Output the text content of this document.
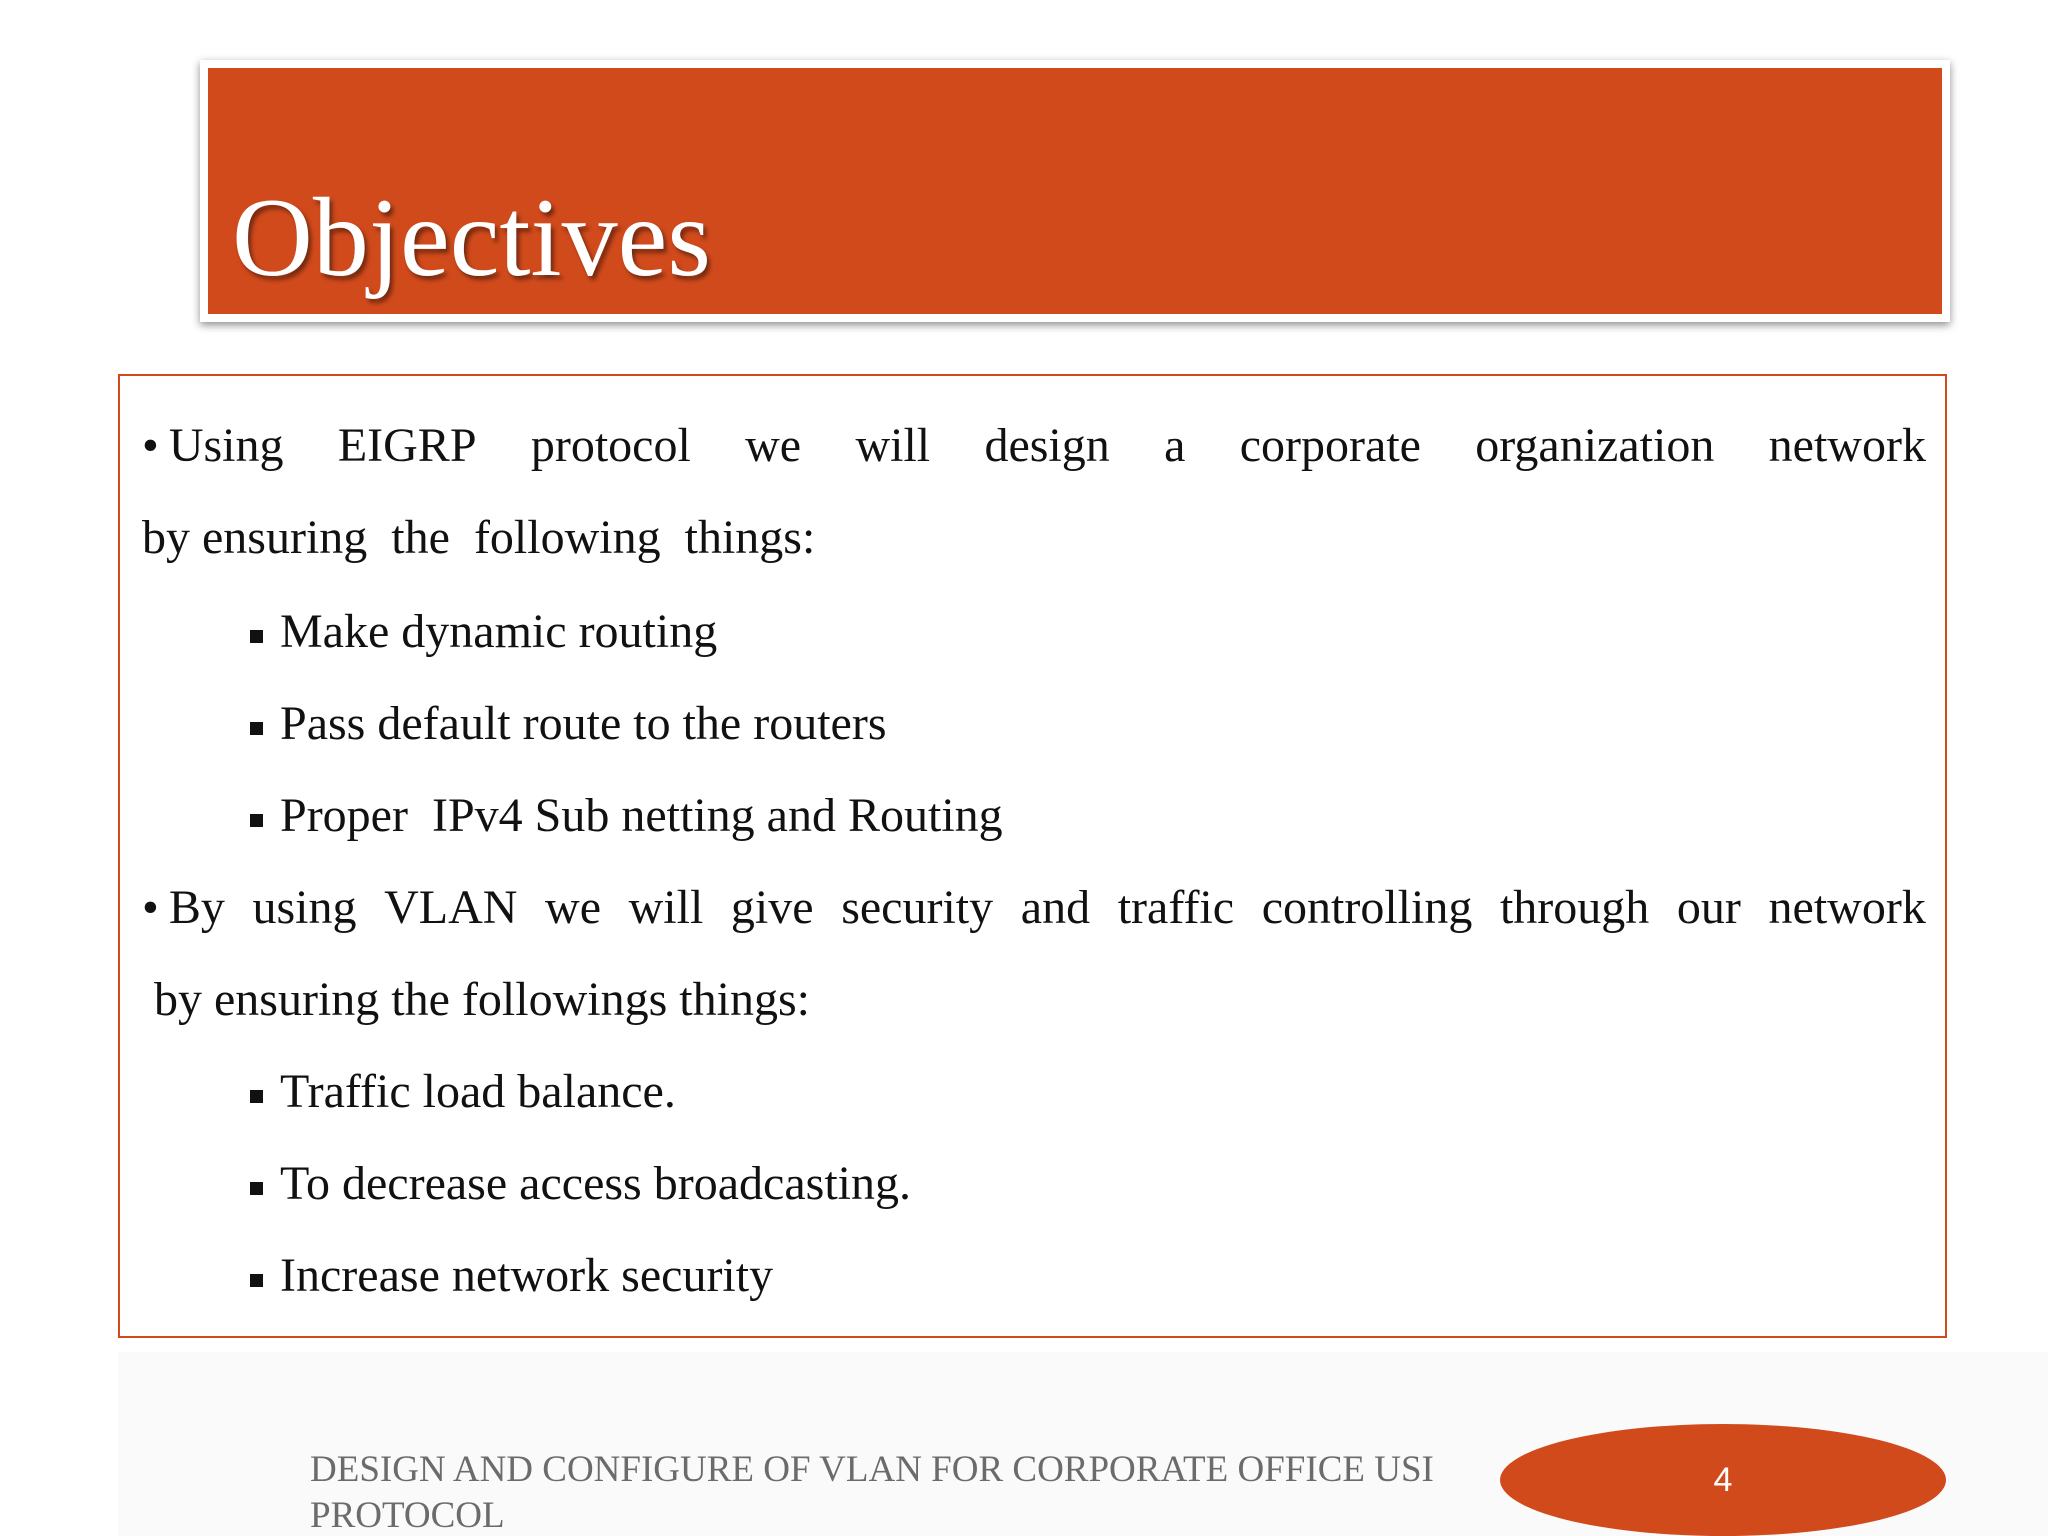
Objectives
• Using EIGRP protocol we will design a corporate organization network
by ensuring  the  following  things:
Make dynamic routing
Pass default route to the routers
Proper  IPv4 Sub netting and Routing
• By using VLAN we will give security and traffic controlling through our network
by ensuring the followings things:
Traffic load balance.
To decrease access broadcasting.
Increase network security
DESIGN AND CONFIGURE OF VLAN FOR CORPORATE OFFICE USI
PROTOCOL
4
